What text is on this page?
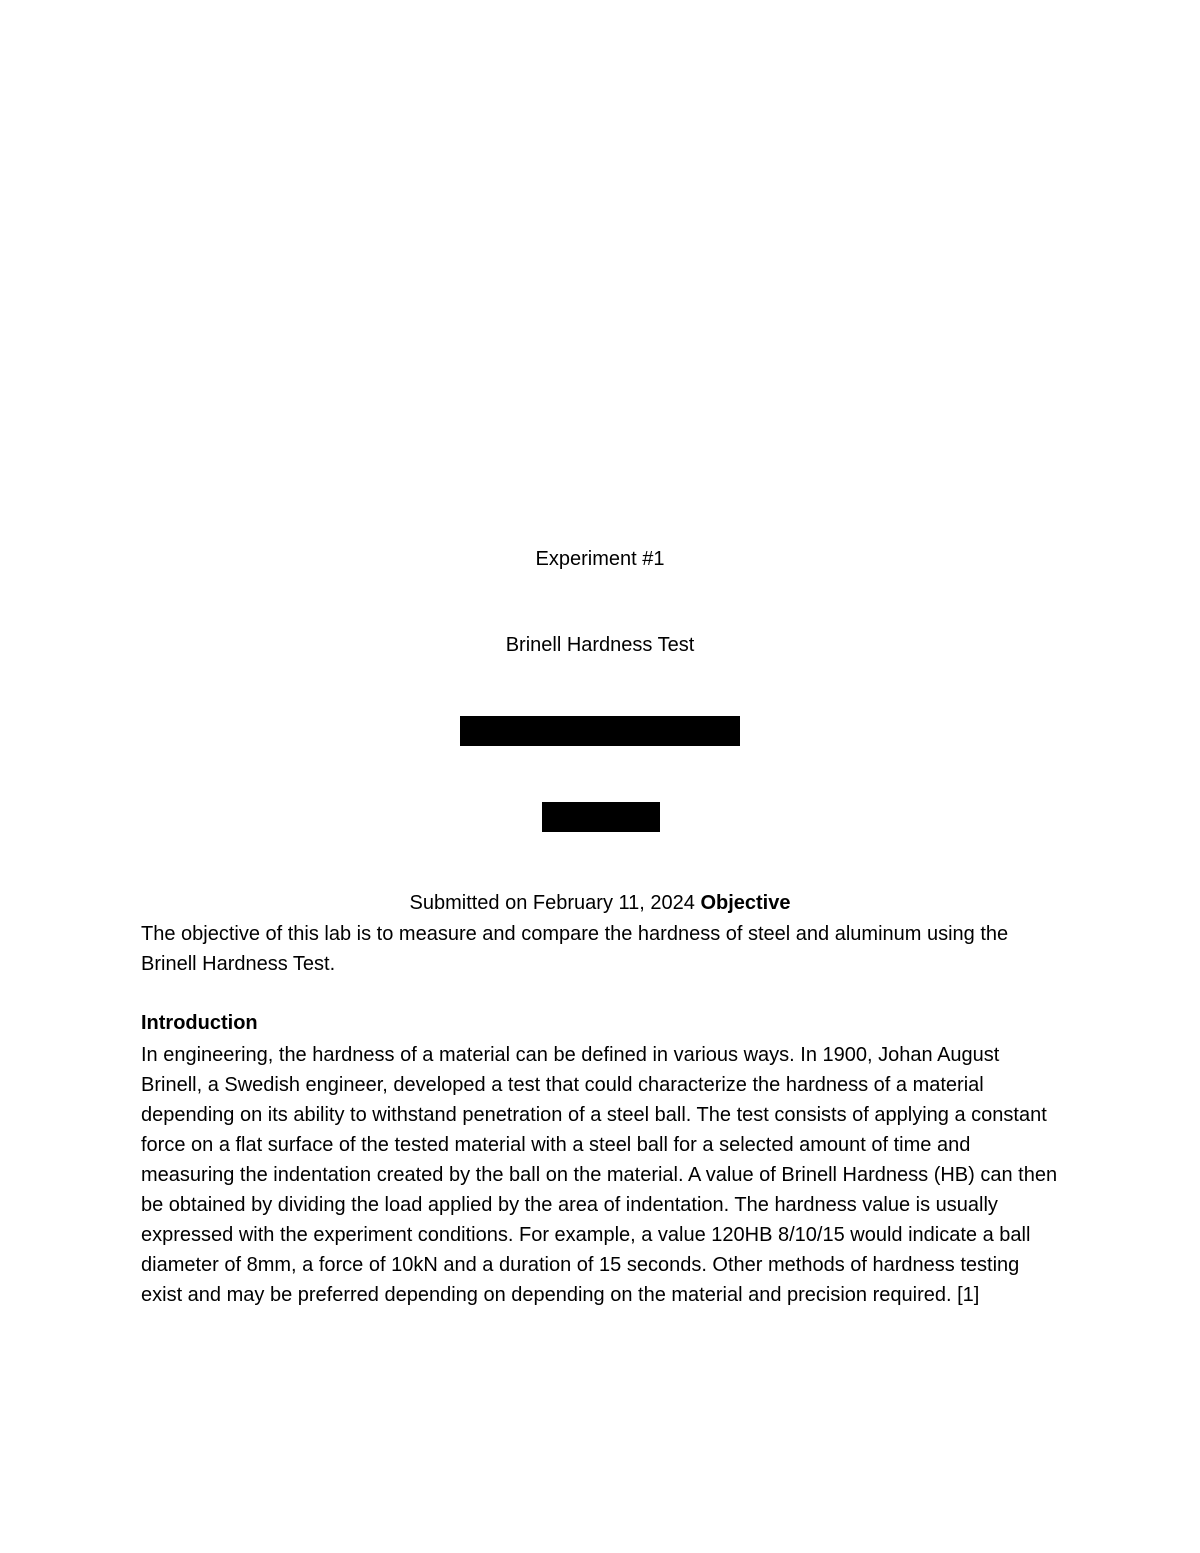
Experiment #1
Brinell Hardness Test
Submitted on February 11, 2024 Objective

The objective of this lab is to measure and compare the hardness of steel and aluminum using the Brinell Hardness Test.

Introduction

In engineering, the hardness of a material can be defined in various ways. In 1900, Johan August Brinell, a Swedish engineer, developed a test that could characterize the hardness of a material depending on its ability to withstand penetration of a steel ball. The test consists of applying a constant force on a flat surface of the tested material with a steel ball for a selected amount of time and measuring the indentation created by the ball on the material. A value of Brinell Hardness (HB) can then be obtained by dividing the load applied by the area of indentation. The hardness value is usually expressed with the experiment conditions. For example, a value 120HB 8/10/15 would indicate a ball diameter of 8mm, a force of 10kN and a duration of 15 seconds. Other methods of hardness testing exist and may be preferred depending on depending on the material and precision required. [1]
